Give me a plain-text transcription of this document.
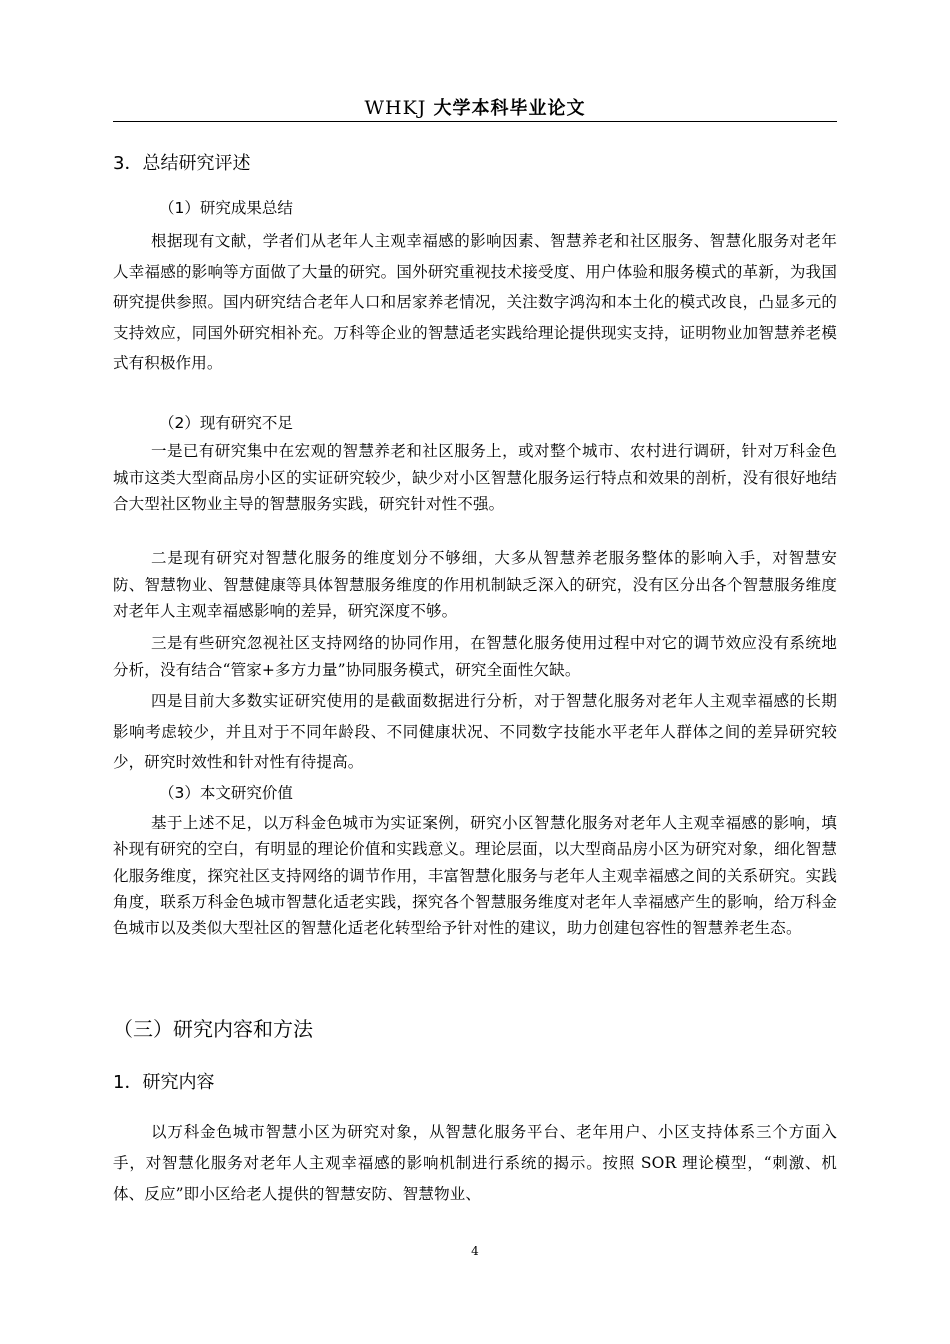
WHKJ 大学本科毕业论文
3．总结研究评述
（1）研究成果总结

根据现有文献，学者们从老年人主观幸福感的影响因素、智慧养老和社区服务、智慧化服务对老年人幸福感的影响等方面做了大量的研究。国外研究重视技术接受度、用户体验和服务模式的革新，为我国研究提供参照。国内研究结合老年人口和居家养老情况，关注数字鸿沟和本土化的模式改良，凸显多元的支持效应，同国外研究相补充。万科等企业的智慧适老实践给理论提供现实支持，证明物业加智慧养老模式有积极作用。

（2）现有研究不足

一是已有研究集中在宏观的智慧养老和社区服务上，或对整个城市、农村进行调研，针对万科金色城市这类大型商品房小区的实证研究较少，缺少对小区智慧化服务运行特点和效果的剖析，没有很好地结合大型社区物业主导的智慧服务实践，研究针对性不强。

二是现有研究对智慧化服务的维度划分不够细，大多从智慧养老服务整体的影响入手，对智慧安防、智慧物业、智慧健康等具体智慧服务维度的作用机制缺乏深入的研究，没有区分出各个智慧服务维度对老年人主观幸福感影响的差异，研究深度不够。

三是有些研究忽视社区支持网络的协同作用，在智慧化服务使用过程中对它的调节效应没有系统地分析，没有结合“管家+多方力量”协同服务模式，研究全面性欠缺。

四是目前大多数实证研究使用的是截面数据进行分析，对于智慧化服务对老年人主观幸福感的长期影响考虑较少，并且对于不同年龄段、不同健康状况、不同数字技能水平老年人群体之间的差异研究较少，研究时效性和针对性有待提高。

（3）本文研究价值

基于上述不足，以万科金色城市为实证案例，研究小区智慧化服务对老年人主观幸福感的影响，填补现有研究的空白，有明显的理论价值和实践意义。理论层面，以大型商品房小区为研究对象，细化智慧化服务维度，探究社区支持网络的调节作用，丰富智慧化服务与老年人主观幸福感之间的关系研究。实践角度，联系万科金色城市智慧化适老实践，探究各个智慧服务维度对老年人幸福感产生的影响，给万科金色城市以及类似大型社区的智慧化适老化转型给予针对性的建议，助力创建包容性的智慧养老生态。

（三）研究内容和方法
1．研究内容

以万科金色城市智慧小区为研究对象，从智慧化服务平台、老年用户、小区支持体系三个方面入手，对智慧化服务对老年人主观幸福感的影响机制进行系统的揭示。按照 SOR 理论模型，“刺激、机体、反应”即小区给老人提供的智慧安防、智慧物业、

4
